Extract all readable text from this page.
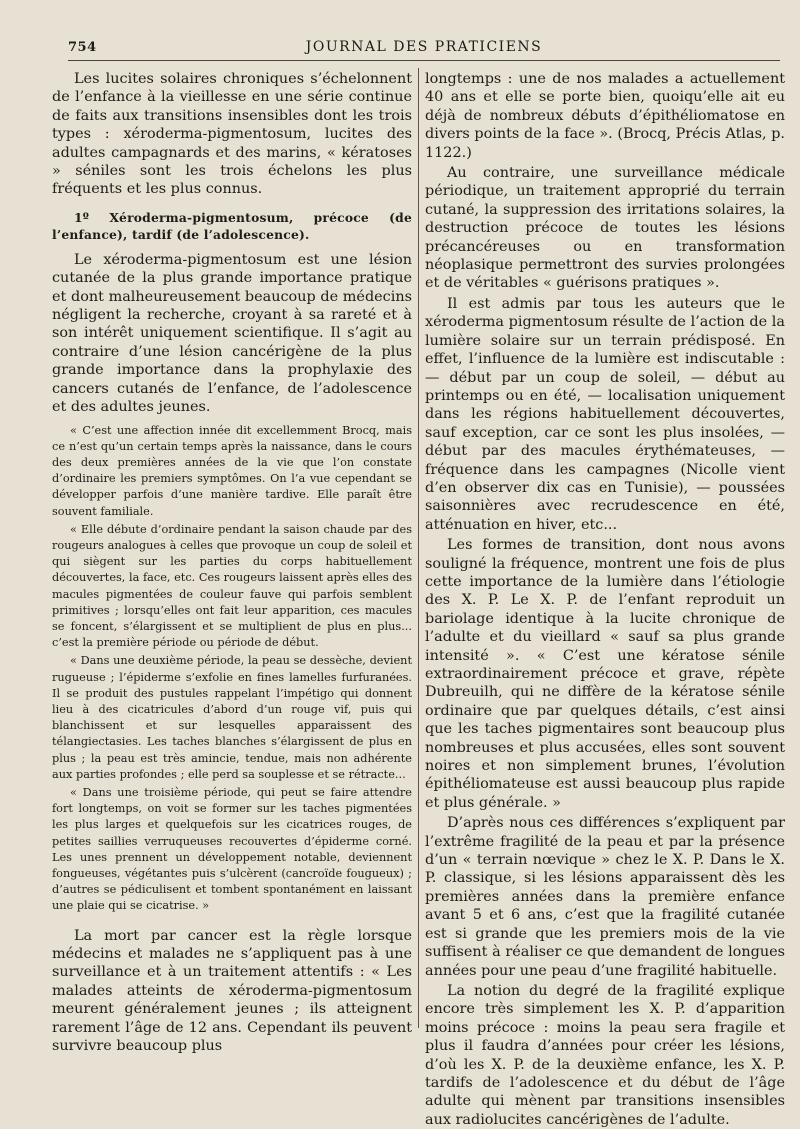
754	JOURNAL DES PRATICIENS

Les lucites solaires chroniques s’échelonnent de l’enfance à la vieillesse en une série continue de faits aux transitions insensibles dont les trois types : xéroderma-pigmentosum, lucites des adultes campagnards et des marins, « kératoses » séniles sont les trois échelons les plus fréquents et les plus connus.

1º Xéroderma-pigmentosum, précoce (de l’enfance), tardif (de l’adolescence).

Le xéroderma-pigmentosum est une lésion cutanée de la plus grande importance pratique et dont malheureusement beaucoup de médecins négligent la recherche, croyant à sa rareté et à son intérêt uniquement scientifique. Il s’agit au contraire d’une lésion cancérigène de la plus grande importance dans la prophylaxie des cancers cutanés de l’enfance, de l’adolescence et des adultes jeunes.

« C’est une affection innée dit excellemment Brocq, mais ce n’est qu’un certain temps après la naissance, dans le cours des deux premières années de la vie que l’on constate d’ordinaire les premiers symptômes. On l’a vue cependant se développer parfois d’une manière tardive. Elle paraît être souvent familiale.

« Elle débute d’ordinaire pendant la saison chaude par des rougeurs analogues à celles que provoque un coup de soleil et qui siègent sur les parties du corps habituellement découvertes, la face, etc. Ces rougeurs laissent après elles des macules pigmentées de couleur fauve qui parfois semblent primitives ; lorsqu’elles ont fait leur apparition, ces macules se foncent, s’élargissent et se multiplient de plus en plus... c’est la première période ou période de début.

« Dans une deuxième période, la peau se dessèche, devient rugueuse ; l’épiderme s’exfolie en fines lamelles furfuranées. Il se produit des pustules rappelant l’impétigo qui donnent lieu à des cicatricules d’abord d’un rouge vif, puis qui blanchissent et sur lesquelles apparaissent des télangiectasies. Les taches blanches s’élargissent de plus en plus ; la peau est très amincie, tendue, mais non adhérente aux parties profondes ; elle perd sa souplesse et se rétracte...

« Dans une troisième période, qui peut se faire attendre fort longtemps, on voit se former sur les taches pigmentées les plus larges et quelquefois sur les cicatrices rouges, de petites saillies verruqueuses recouvertes d’épiderme corné. Les unes prennent un développement notable, deviennent fongueuses, végétantes puis s’ulcèrent (cancroïde fougueux) ; d’autres se pédiculisent et tombent spontanément en laissant une plaie qui se cicatrise. »

La mort par cancer est la règle lorsque médecins et malades ne s’appliquent pas à une surveillance et à un traitement attentifs : « Les malades atteints de xéroderma-pigmentosum meurent généralement jeunes ; ils atteignent rarement l’âge de 12 ans. Cependant ils peuvent survivre beaucoup plus

longtemps : une de nos malades a actuellement 40 ans et elle se porte bien, quoiqu’elle ait eu déjà de nombreux débuts d’épithéliomatose en divers points de la face ». (Brocq, Précis Atlas, p. 1122.)

Au contraire, une surveillance médicale périodique, un traitement approprié du terrain cutané, la suppression des irritations solaires, la destruction précoce de toutes les lésions précancéreuses ou en transformation néoplasique permettront des survies prolongées et de véritables « guérisons pratiques ».

Il est admis par tous les auteurs que le xéroderma pigmentosum résulte de l’action de la lumière solaire sur un terrain prédisposé. En effet, l’influence de la lumière est indiscutable : — début par un coup de soleil, — début au printemps ou en été, — localisation uniquement dans les régions habituellement découvertes, sauf exception, car ce sont les plus insolées, — début par des macules érythémateuses, — fréquence dans les campagnes (Nicolle vient d’en observer dix cas en Tunisie), — poussées saisonnières avec recrudescence en été, atténuation en hiver, etc...

Les formes de transition, dont nous avons souligné la fréquence, montrent une fois de plus cette importance de la lumière dans l’étiologie des X. P. Le X. P. de l’enfant reproduit un bariolage identique à la lucite chronique de l’adulte et du vieillard « sauf sa plus grande intensité ». « C’est une kératose sénile extraordinairement précoce et grave, répète Dubreuilh, qui ne diffère de la kératose sénile ordinaire que par quelques détails, c’est ainsi que les taches pigmentaires sont beaucoup plus nombreuses et plus accusées, elles sont souvent noires et non simplement brunes, l’évolution épithéliomateuse est aussi beaucoup plus rapide et plus générale. »

D’après nous ces différences s’expliquent par l’extrême fragilité de la peau et par la présence d’un « terrain nœvique » chez le X. P. Dans le X. P. classique, si les lésions apparaissent dès les premières années dans la première enfance avant 5 et 6 ans, c’est que la fragilité cutanée est si grande que les premiers mois de la vie suffisent à réaliser ce que demandent de longues années pour une peau d’une fragilité habituelle.

La notion du degré de la fragilité explique encore très simplement les X. P. d’apparition moins précoce : moins la peau sera fragile et plus il faudra d’années pour créer les lésions, d’où les X. P. de la deuxième enfance, les X. P. tardifs de l’adolescence et du début de l’âge adulte qui mènent par transitions insensibles aux radiolucites cancérigènes de l’adulte.
